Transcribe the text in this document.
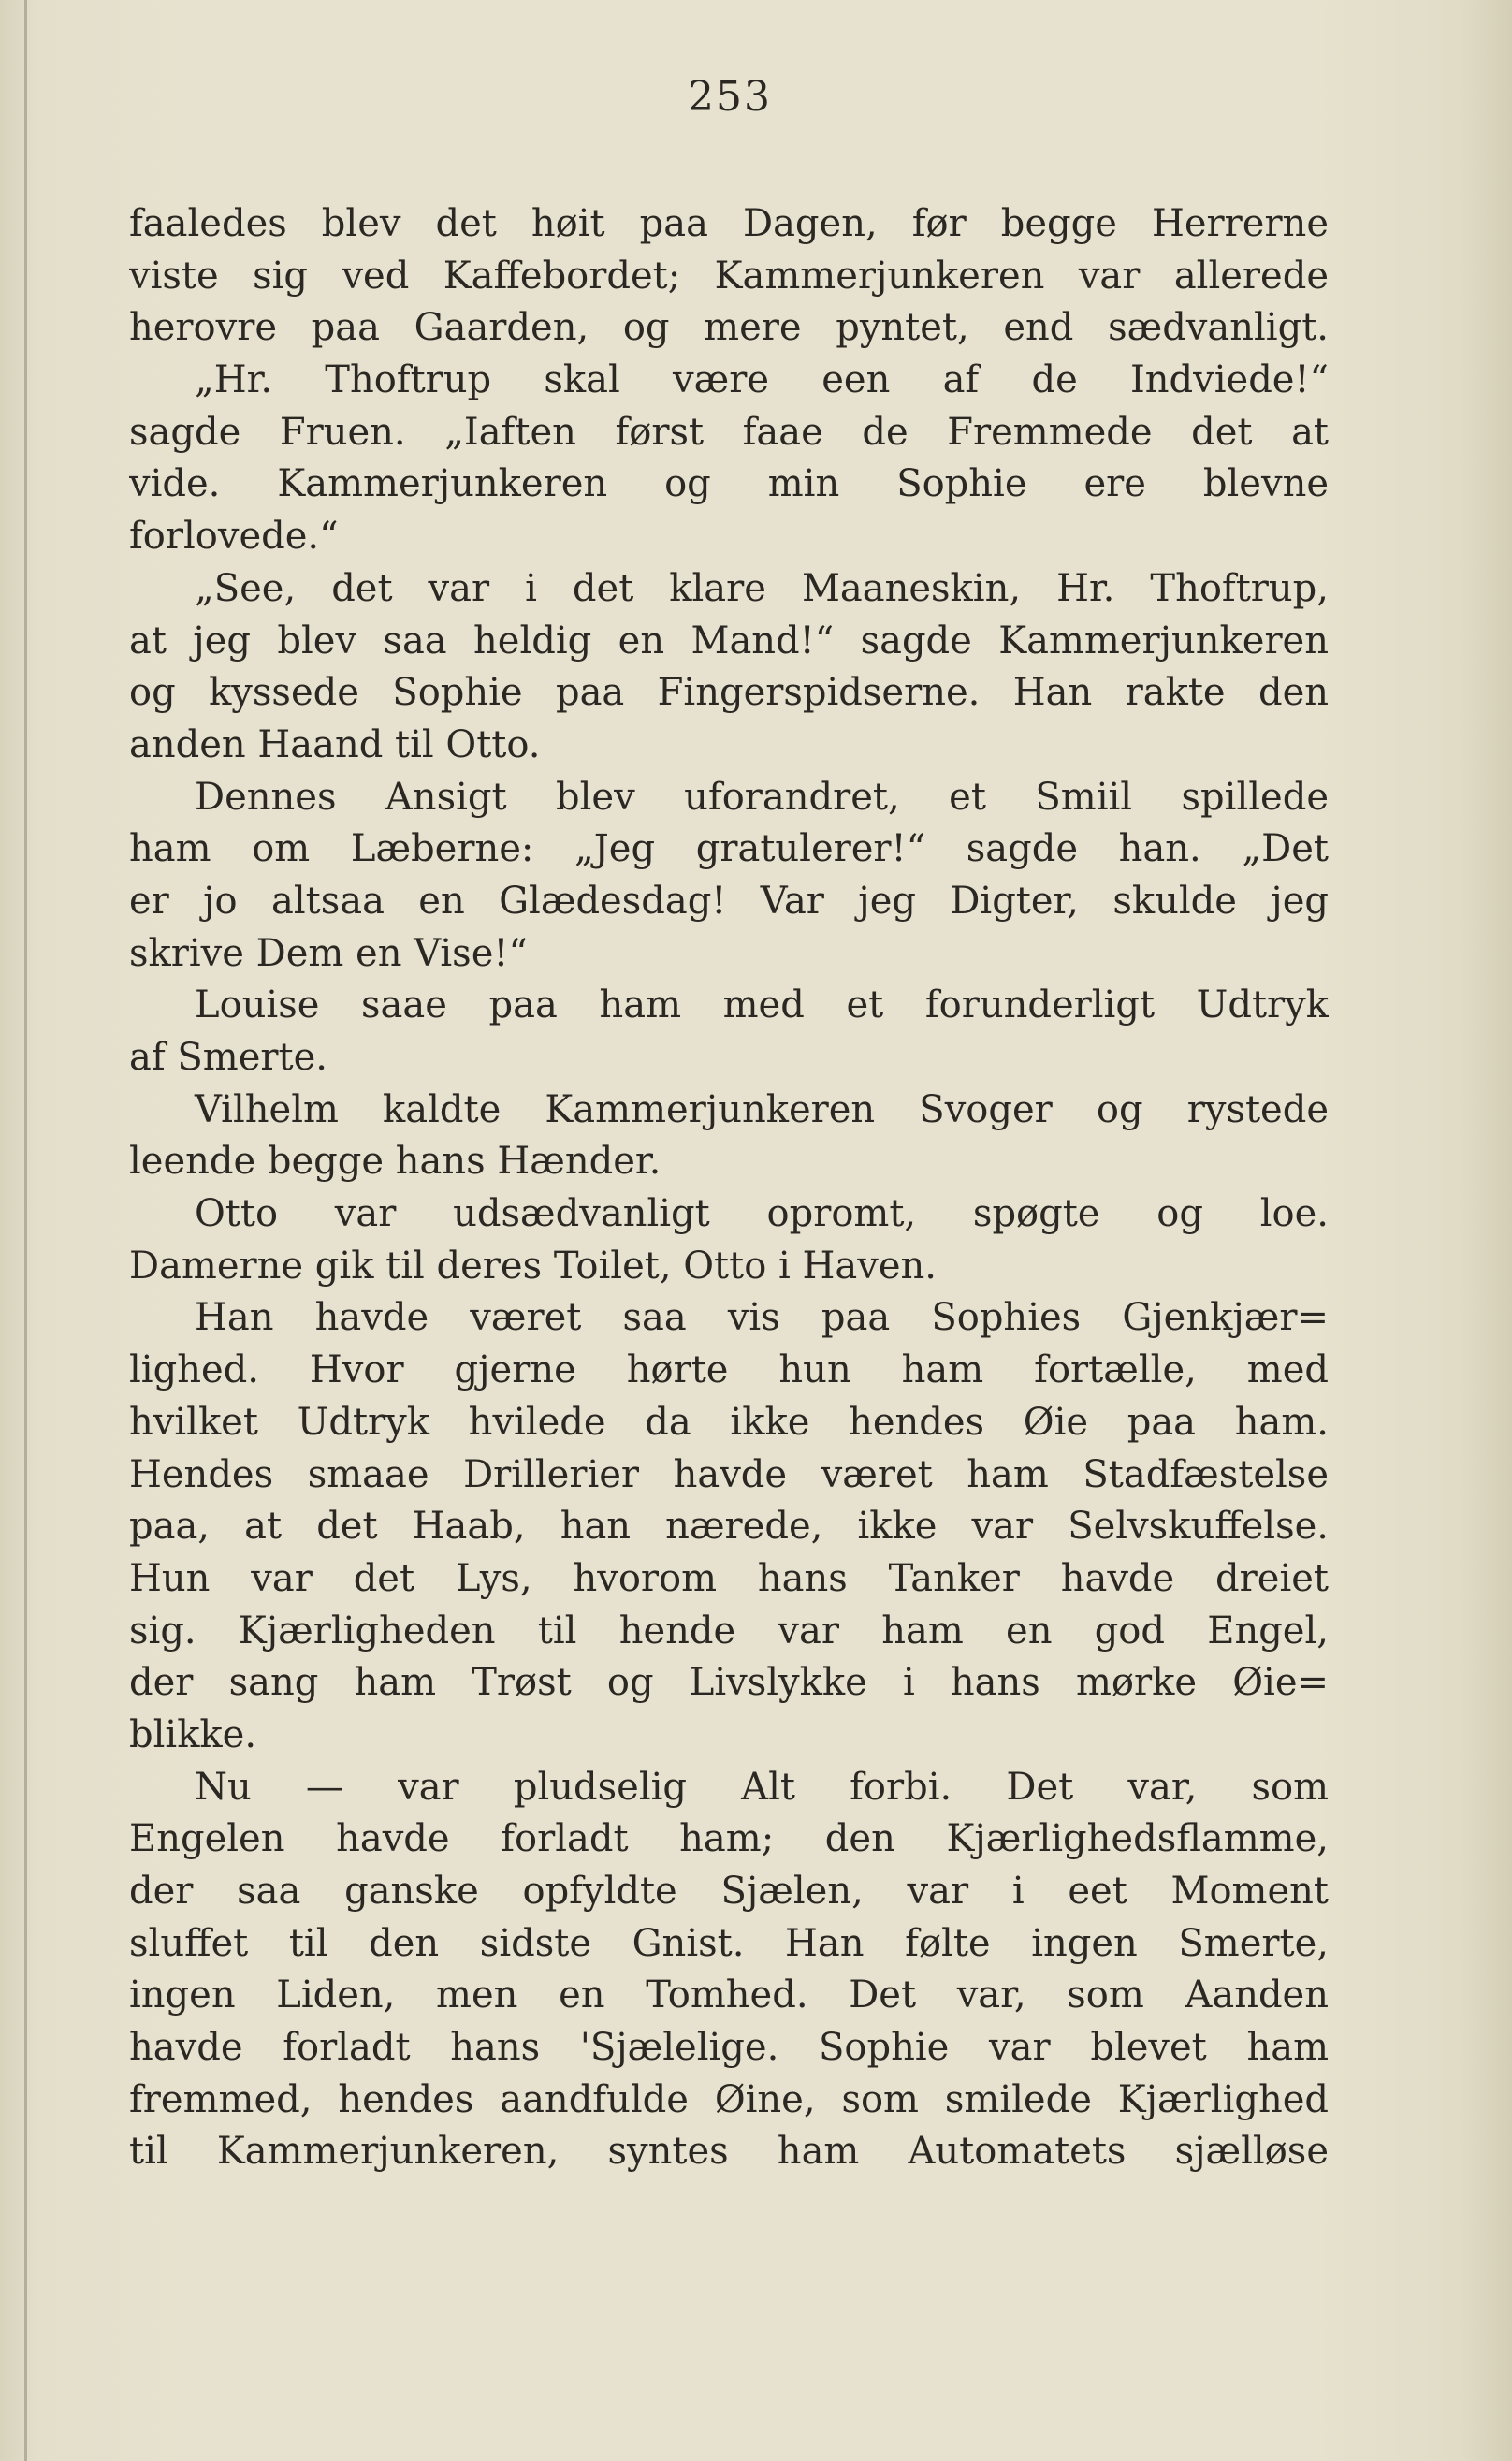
253
faaledes blev det høit paa Dagen, før begge Herrerne
viste sig ved Kaffebordet; Kammerjunkeren var allerede
herovre paa Gaarden, og mere pyntet, end sædvanligt.
„Hr. Thoftrup skal være een af de Indviede!“
sagde Fruen. „Iaften først faae de Fremmede det at
vide. Kammerjunkeren og min Sophie ere blevne
forlovede.“
„See, det var i det klare Maaneskin, Hr. Thoftrup,
at jeg blev saa heldig en Mand!“ sagde Kammerjunkeren
og kyssede Sophie paa Fingerspidserne. Han rakte den
anden Haand til Otto.
Dennes Ansigt blev uforandret, et Smiil spillede
ham om Læberne: „Jeg gratulerer!“ sagde han. „Det
er jo altsaa en Glædesdag! Var jeg Digter, skulde jeg
skrive Dem en Vise!“
Louise saae paa ham med et forunderligt Udtryk
af Smerte.
Vilhelm kaldte Kammerjunkeren Svoger og rystede
leende begge hans Hænder.
Otto var udsædvanligt opromt, spøgte og loe.
Damerne gik til deres Toilet, Otto i Haven.
Han havde været saa vis paa Sophies Gjenkjær=
lighed. Hvor gjerne hørte hun ham fortælle, med
hvilket Udtryk hvilede da ikke hendes Øie paa ham.
Hendes smaae Drillerier havde været ham Stadfæstelse
paa, at det Haab, han nærede, ikke var Selvskuffelse.
Hun var det Lys, hvorom hans Tanker havde dreiet
sig. Kjærligheden til hende var ham en god Engel,
der sang ham Trøst og Livslykke i hans mørke Øie=
blikke.
Nu — var pludselig Alt forbi. Det var, som
Engelen havde forladt ham; den Kjærlighedsflamme,
der saa ganske opfyldte Sjælen, var i eet Moment
sluffet til den sidste Gnist. Han følte ingen Smerte,
ingen Liden, men en Tomhed. Det var, som Aanden
havde forladt hans 'Sjælelige. Sophie var blevet ham
fremmed, hendes aandfulde Øine, som smilede Kjærlighed
til Kammerjunkeren, syntes ham Automatets sjælløse
